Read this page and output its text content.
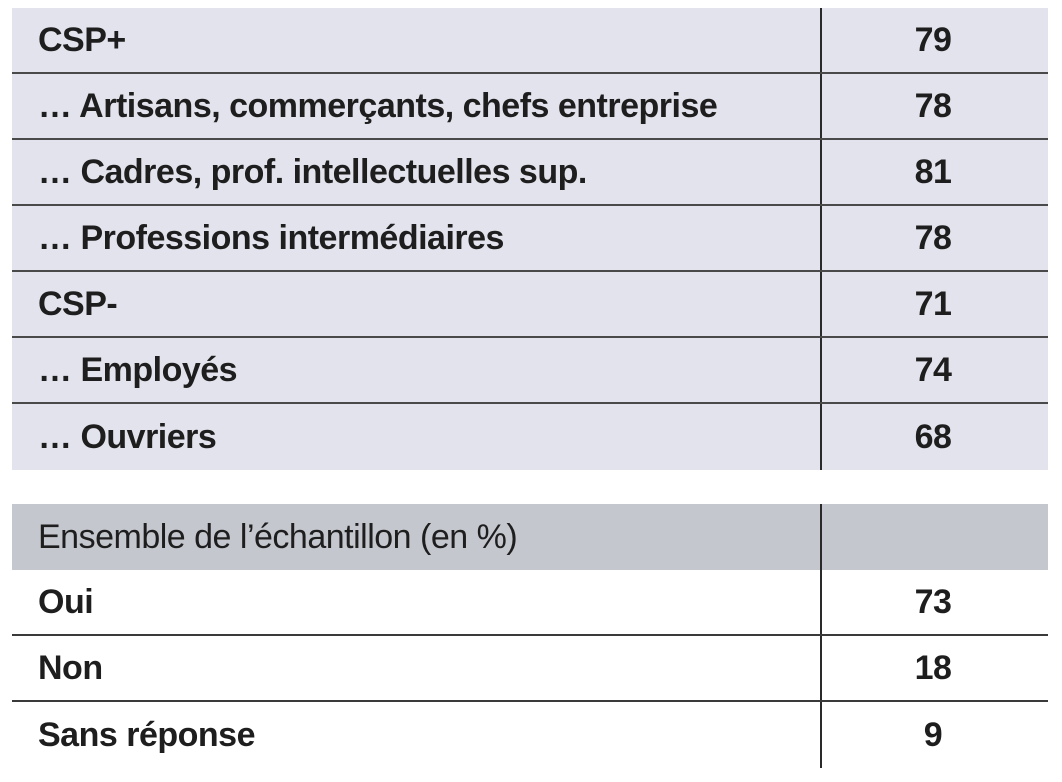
CSP+	79
… Artisans, commerçants, chefs entreprise	78
… Cadres, prof. intellectuelles sup.	81
… Professions intermédiaires	78
CSP-	71
… Employés	74
… Ouvriers	68
Ensemble de l’échantillon (en %)
Oui	73
Non	18
Sans réponse	9
